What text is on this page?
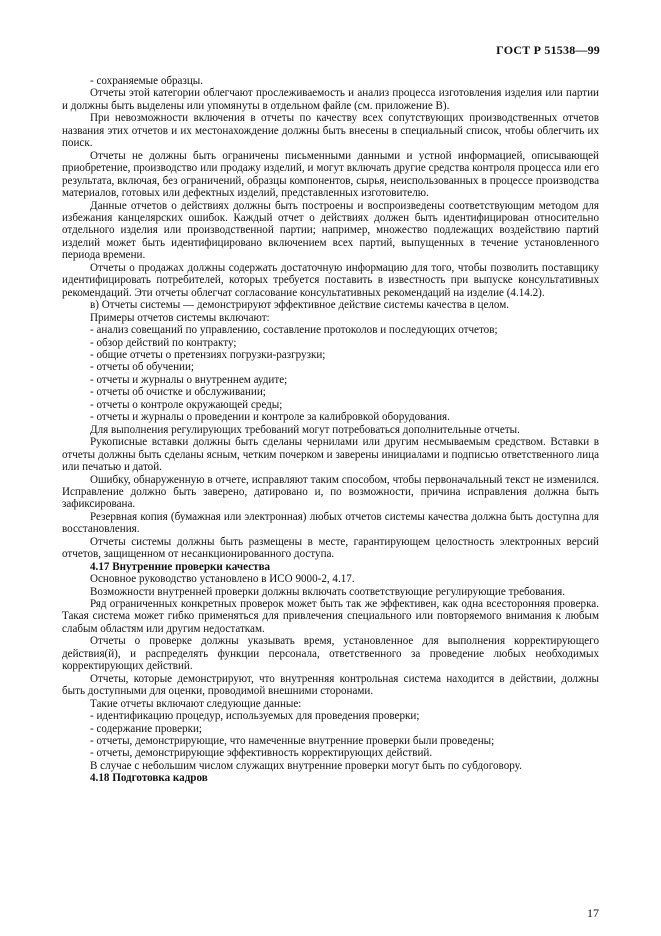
ГОСТ Р 51538—99

- сохраняемые образцы.

Отчеты этой категории облегчают прослеживаемость и анализ процесса изготовления изделия или партии и должны быть выделены или упомянуты в отдельном файле (см. приложение В).

При невозможности включения в отчеты по качеству всех сопутствующих производственных отчетов названия этих отчетов и их местонахождение должны быть внесены в специальный список, чтобы облегчить их поиск.

Отчеты не должны быть ограничены письменными данными и устной информацией, описывающей приобретение, производство или продажу изделий, и могут включать другие средства контроля процесса или его результата, включая, без ограничений, образцы компонентов, сырья, неиспользованных в процессе производства материалов, готовых или дефектных изделий, представленных изготовителю.

Данные отчетов о действиях должны быть построены и воспроизведены соответствующим методом для избежания канцелярских ошибок. Каждый отчет о действиях должен быть идентифицирован относительно отдельного изделия или производственной партии; например, множество подлежащих воздействию партий изделий может быть идентифицировано включением всех партий, выпущенных в течение установленного периода времени.

Отчеты о продажах должны содержать достаточную информацию для того, чтобы позволить поставщику идентифицировать потребителей, которых требуется поставить в известность при выпуске консультативных рекомендаций. Эти отчеты облегчат согласование консультативных рекомендаций на изделие (4.14.2).

в) Отчеты системы — демонстрируют эффективное действие системы качества в целом.

Примеры отчетов системы включают:

- анализ совещаний по управлению, составление протоколов и последующих отчетов;

- обзор действий по контракту;

- общие отчеты о претензиях погрузки-разгрузки;

- отчеты об обучении;

- отчеты и журналы о внутреннем аудите;

- отчеты об очистке и обслуживании;

- отчеты о контроле окружающей среды;

- отчеты и журналы о проведении и контроле за калибровкой оборудования.

Для выполнения регулирующих требований могут потребоваться дополнительные отчеты.

Рукописные вставки должны быть сделаны чернилами или другим несмываемым средством. Вставки в отчеты должны быть сделаны ясным, четким почерком и заверены инициалами и подписью ответственного лица или печатью и датой.

Ошибку, обнаруженную в отчете, исправляют таким способом, чтобы первоначальный текст не изменился. Исправление должно быть заверено, датировано и, по возможности, причина исправления должна быть зафиксирована.

Резервная копия (бумажная или электронная) любых отчетов системы качества должна быть доступна для восстановления.

Отчеты системы должны быть размещены в месте, гарантирующем целостность электронных версий отчетов, защищенном от несанкционированного доступа.

4.17 Внутренние проверки качества

Основное руководство установлено в ИСО 9000-2, 4.17.

Возможности внутренней проверки должны включать соответствующие регулирующие требования.

Ряд ограниченных конкретных проверок может быть так же эффективен, как одна всесторонняя проверка. Такая система может гибко применяться для привлечения специального или повторяемого внимания к любым слабым областям или другим недостаткам.

Отчеты о проверке должны указывать время, установленное для выполнения корректирующего действия(й), и распределять функции персонала, ответственного за проведение любых необходимых корректирующих действий.

Отчеты, которые демонстрируют, что внутренняя контрольная система находится в действии, должны быть доступными для оценки, проводимой внешними сторонами.

Такие отчеты включают следующие данные:

- идентификацию процедур, используемых для проведения проверки;

- содержание проверки;

- отчеты, демонстрирующие, что намеченные внутренние проверки были проведены;

- отчеты, демонстрирующие эффективность корректирующих действий.

В случае с небольшим числом служащих внутренние проверки могут быть по субдоговору.

4.18 Подготовка кадров

17
